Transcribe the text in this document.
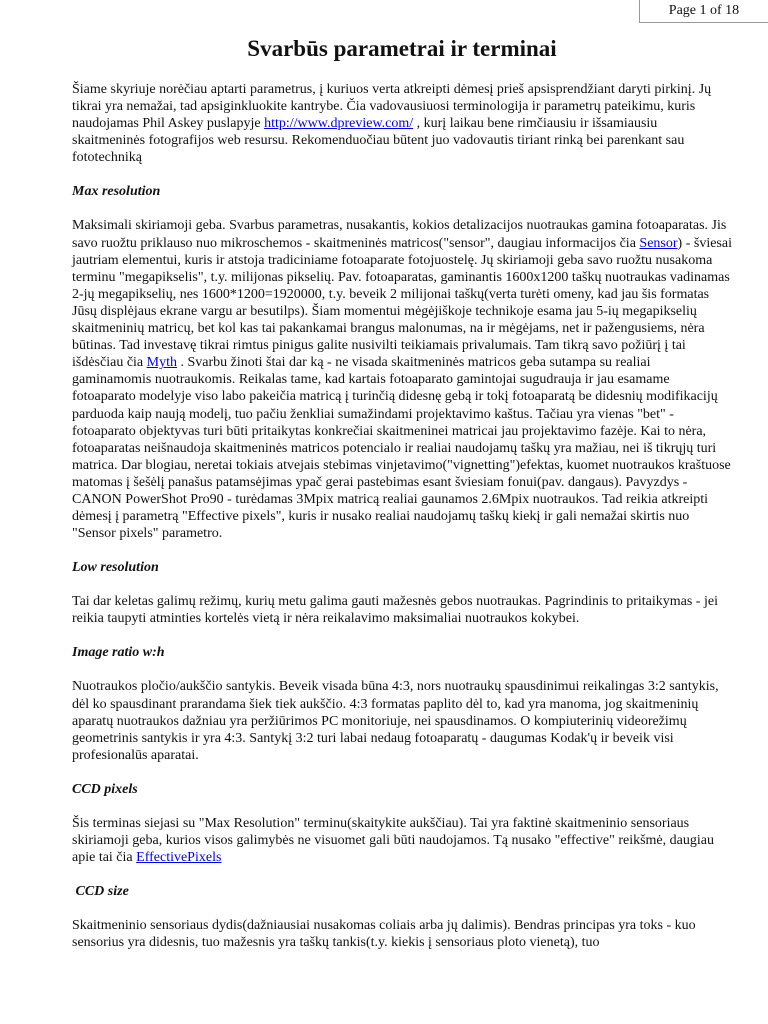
Page 1 of 18
Svarbūs parametrai ir terminai

Šiame skyriuje norėčiau aptarti parametrus, į kuriuos verta atkreipti dėmesį prieš apsisprendžiant daryti pirkinį. Jų tikrai yra nemažai, tad apsiginkluokite kantrybe. Čia vadovausiuosi terminologija ir parametrų pateikimu, kuris naudojamas Phil Askey puslapyje http://www.dpreview.com/ , kurį laikau bene rimčiausiu ir išsamiausiu skaitmeninės fotografijos web resursu. Rekomenduočiau būtent juo vadovautis tiriant rinką bei parenkant sau fototechniką

Max resolution

Maksimali skiriamoji geba. Svarbus parametras, nusakantis, kokios detalizacijos nuotraukas gamina fotoaparatas. Jis savo ruožtu priklauso nuo mikroschemos - skaitmeninės matricos("sensor", daugiau informacijos čia Sensor) - šviesai jautriam elementui, kuris ir atstoja tradiciniame fotoaparate fotojuostelę. Jų skiriamoji geba savo ruožtu nusakoma terminu "megapikselis", t.y. milijonas pikselių. Pav. fotoaparatas, gaminantis 1600x1200 taškų nuotraukas vadinamas 2-jų megapikselių, nes 1600*1200=1920000, t.y. beveik 2 milijonai taškų(verta turėti omeny, kad jau šis formatas Jūsų displėjaus ekrane vargu ar besutilps). Šiam momentui mėgėjiškoje technikoje esama jau 5-ių megapikselių skaitmeninių matricų, bet kol kas tai pakankamai brangus malonumas, na ir mėgėjams, net ir pažengusiems, nėra būtinas. Tad investavę tikrai rimtus pinigus galite nusivilti teikiamais privalumais. Tam tikrą savo požiūrį į tai išdėsčiau čia Myth . Svarbu žinoti štai dar ką - ne visada skaitmeninės matricos geba sutampa su realiai gaminamomis nuotraukomis. Reikalas tame, kad kartais fotoaparato gamintojai sugudrauja ir jau esamame fotoaparato modelyje viso labo pakeičia matricą į turinčią didesnę gebą ir tokį fotoaparatą be didesnių modifikacijų parduoda kaip naują modelį, tuo pačiu ženkliai sumažindami projektavimo kaštus. Tačiau yra vienas "bet" - fotoaparato objektyvas turi būti pritaikytas konkrečiai skaitmeninei matricai jau projektavimo fazėje. Kai to nėra, fotoaparatas neišnaudoja skaitmeninės matricos potencialo ir realiai naudojamų taškų yra mažiau, nei iš tikrųjų turi matrica. Dar blogiau, neretai tokiais atvejais stebimas vinjetavimo("vignetting")efektas, kuomet nuotraukos kraštuose matomas į šešėlį panašus patamsėjimas ypač gerai pastebimas esant šviesiam fonui(pav. dangaus). Pavyzdys - CANON PowerShot Pro90 - turėdamas 3Mpix matricą realiai gaunamos 2.6Mpix nuotraukos. Tad reikia atkreipti dėmesį į parametrą "Effective pixels", kuris ir nusako realiai naudojamų taškų kiekį ir gali nemažai skirtis nuo "Sensor pixels" parametro.

Low resolution

Tai dar keletas galimų režimų, kurių metu galima gauti mažesnės gebos nuotraukas. Pagrindinis to pritaikymas - jei reikia taupyti atminties kortelės vietą ir nėra reikalavimo maksimaliai nuotraukos kokybei.

Image ratio w:h

Nuotraukos pločio/aukščio santykis. Beveik visada būna 4:3, nors nuotraukų spausdinimui reikalingas 3:2 santykis, dėl ko spausdinant prarandama šiek tiek aukščio. 4:3 formatas paplito dėl to, kad yra manoma, jog skaitmeninių aparatų nuotraukos dažniau yra peržiūrimos PC monitoriuje, nei spausdinamos. O kompiuterinių videorežimų geometrinis santykis ir yra 4:3. Santykį 3:2 turi labai nedaug fotoaparatų - daugumas Kodak'ų ir beveik visi profesionalūs aparatai.

CCD pixels

Šis terminas siejasi su "Max Resolution" terminu(skaitykite aukščiau). Tai yra faktinė skaitmeninio sensoriaus skiriamoji geba, kurios visos galimybės ne visuomet gali būti naudojamos. Tą nusako "effective" reikšmė, daugiau apie tai čia EffectivePixels

CCD size

Skaitmeninio sensoriaus dydis(dažniausiai nusakomas coliais arba jų dalimis). Bendras principas yra toks - kuo sensorius yra didesnis, tuo mažesnis yra taškų tankis(t.y. kiekis į sensoriaus ploto vienetą), tuo
